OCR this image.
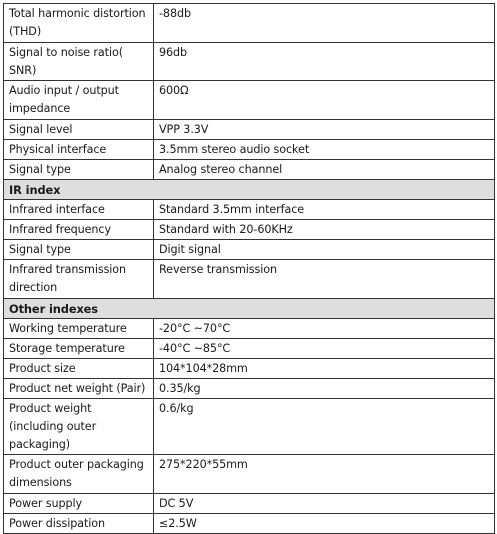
Total harmonic distortion (THD)	-88db
Signal to noise ratio( SNR)	96db
Audio input / output impedance	600Ω
Signal level	VPP 3.3V
Physical interface	3.5mm stereo audio socket
Signal type	Analog stereo channel
IR index	
Infrared interface	Standard 3.5mm interface
Infrared frequency	Standard with 20-60KHz
Signal type	Digit signal
Infrared transmission direction	Reverse transmission
Other indexes	
Working temperature	-20°C ~70°C
Storage temperature	-40°C ~85°C
Product size	104*104*28mm
Product net weight (Pair)	0.35/kg
Product weight (including outer packaging)	0.6/kg
Product outer packaging dimensions	275*220*55mm
Power supply	DC 5V
Power dissipation	≤2.5W
